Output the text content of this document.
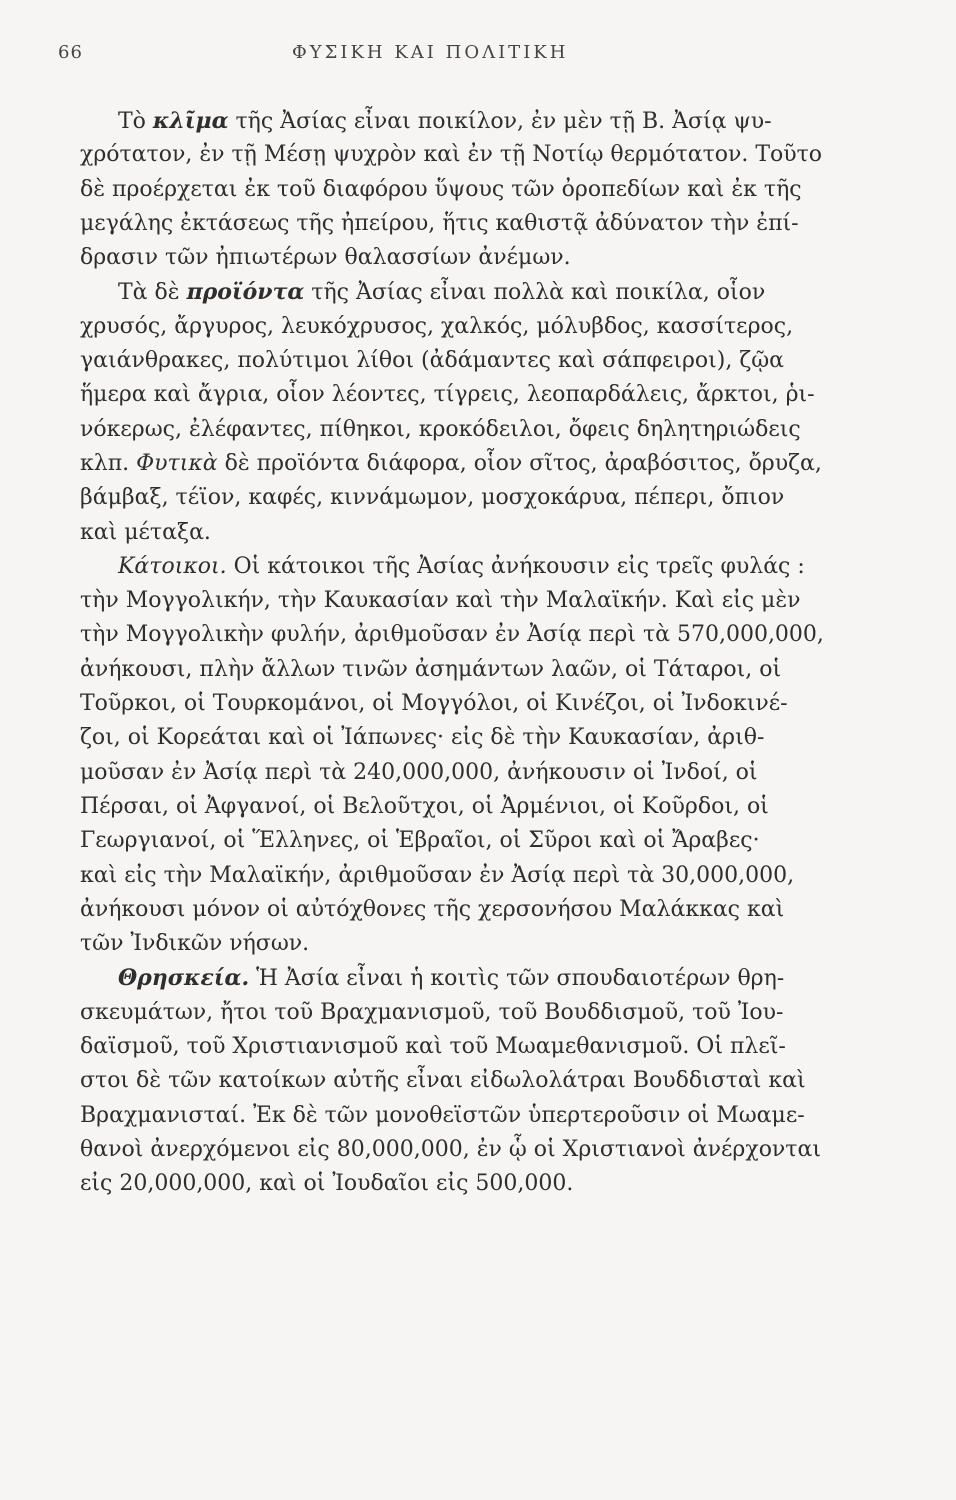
66	ΦΥΣΙΚΗ ΚΑΙ ΠΟΛΙΤΙΚΗ
Τὸ κλῖμα τῆς Ἀσίας εἶναι ποικίλον, ἐν μὲν τῇ Β. Ἀσίᾳ ψυ-
χρότατον, ἐν τῇ Μέσῃ ψυχρὸν καὶ ἐν τῇ Νοτίῳ θερμότατον. Τοῦτο
δὲ προέρχεται ἐκ τοῦ διαφόρου ὕψους τῶν ὀροπεδίων καὶ ἐκ τῆς
μεγάλης ἐκτάσεως τῆς ἠπείρου, ἥτις καθιστᾷ ἀδύνατον τὴν ἐπί-
δρασιν τῶν ἠπιωτέρων θαλασσίων ἀνέμων.
Τὰ δὲ προϊόντα τῆς Ἀσίας εἶναι πολλὰ καὶ ποικίλα, οἷον
χρυσός, ἄργυρος, λευκόχρυσος, χαλκός, μόλυβδος, κασσίτερος,
γαιάνθρακες, πολύτιμοι λίθοι (ἀδάμαντες καὶ σάπφειροι), ζῷα
ἥμερα καὶ ἄγρια, οἷον λέοντες, τίγρεις, λεοπαρδάλεις, ἄρκτοι, ῥι-
νόκερως, ἐλέφαντες, πίθηκοι, κροκόδειλοι, ὄφεις δηλητηριώδεις
κλπ. Φυτικὰ δὲ προϊόντα διάφορα, οἷον σῖτος, ἀραβόσιτος, ὄρυζα,
βάμβαξ, τέϊον, καφές, κιννάμωμον, μοσχοκάρυα, πέπερι, ὄπιον
καὶ μέταξα.
Κάτοικοι. Οἱ κάτοικοι τῆς Ἀσίας ἀνήκουσιν εἰς τρεῖς φυλάς :
τὴν Μογγολικήν, τὴν Καυκασίαν καὶ τὴν Μαλαϊκήν. Καὶ εἰς μὲν
τὴν Μογγολικὴν φυλήν, ἀριθμοῦσαν ἐν Ἀσίᾳ περὶ τὰ 570,000,000,
ἀνήκουσι, πλὴν ἄλλων τινῶν ἀσημάντων λαῶν, οἱ Τάταροι, οἱ
Τοῦρκοι, οἱ Τουρκομάνοι, οἱ Μογγόλοι, οἱ Κινέζοι, οἱ Ἰνδοκινέ-
ζοι, οἱ Κορεάται καὶ οἱ Ἰάπωνες· εἰς δὲ τὴν Καυκασίαν, ἀριθ-
μοῦσαν ἐν Ἀσίᾳ περὶ τὰ 240,000,000, ἀνήκουσιν οἱ Ἰνδοί, οἱ
Πέρσαι, οἱ Ἀφγανοί, οἱ Βελοῦτχοι, οἱ Ἀρμένιοι, οἱ Κοῦρδοι, οἱ
Γεωργιανοί, οἱ Ἕλληνες, οἱ Ἑβραῖοι, οἱ Σῦροι καὶ οἱ Ἄραβες·
καὶ εἰς τὴν Μαλαϊκήν, ἀριθμοῦσαν ἐν Ἀσίᾳ περὶ τὰ 30,000,000,
ἀνήκουσι μόνον οἱ αὐτόχθονες τῆς χερσονήσου Μαλάκκας καὶ
τῶν Ἰνδικῶν νήσων.
Θρησκεία. Ἡ Ἀσία εἶναι ἡ κοιτὶς τῶν σπουδαιοτέρων θρη-
σκευμάτων, ἤτοι τοῦ Βραχμανισμοῦ, τοῦ Βουδδισμοῦ, τοῦ Ἰου-
δαϊσμοῦ, τοῦ Χριστιανισμοῦ καὶ τοῦ Μωαμεθανισμοῦ. Οἱ πλεῖ-
στοι δὲ τῶν κατοίκων αὐτῆς εἶναι εἰδωλολάτραι Βουδδισταὶ καὶ
Βραχμανισταί. Ἐκ δὲ τῶν μονοθεϊστῶν ὑπερτεροῦσιν οἱ Μωαμε-
θανοὶ ἀνερχόμενοι εἰς 80,000,000, ἐν ᾧ οἱ Χριστιανοὶ ἀνέρχονται
εἰς 20,000,000, καὶ οἱ Ἰουδαῖοι εἰς 500,000.
